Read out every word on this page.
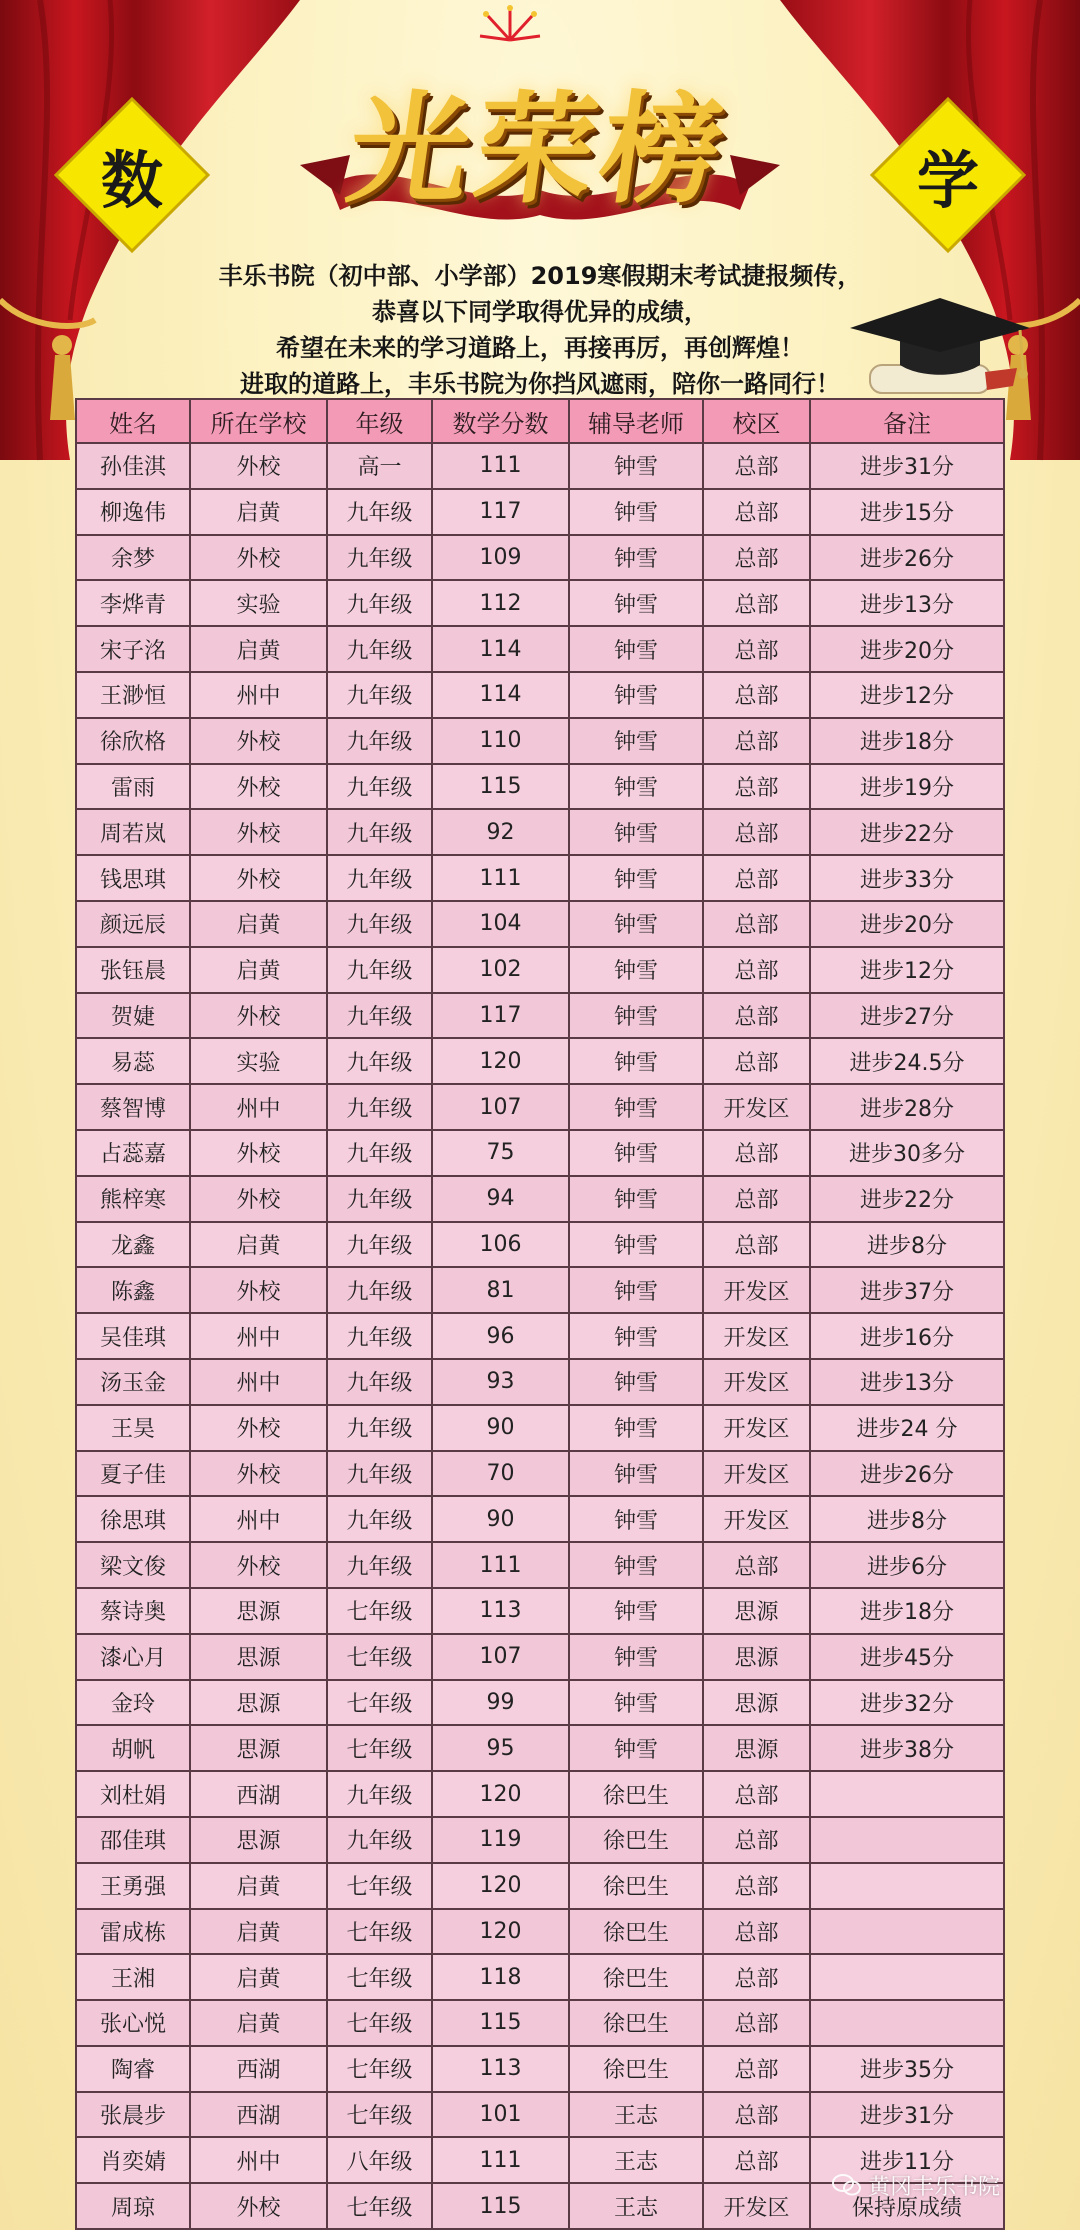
数	学
光荣榜
丰乐书院（初中部、小学部）2019寒假期末考试捷报频传，
恭喜以下同学取得优异的成绩，
希望在未来的学习道路上，再接再厉，再创辉煌！
进取的道路上，丰乐书院为你挡风遮雨，陪你一路同行！
姓名	所在学校	年级	数学分数	辅导老师	校区	备注
孙佳淇	外校	高一	111	钟雪	总部	进步31分
柳逸伟	启黄	九年级	117	钟雪	总部	进步15分
余梦	外校	九年级	109	钟雪	总部	进步26分
李烨青	实验	九年级	112	钟雪	总部	进步13分
宋子洺	启黄	九年级	114	钟雪	总部	进步20分
王渺恒	州中	九年级	114	钟雪	总部	进步12分
徐欣格	外校	九年级	110	钟雪	总部	进步18分
雷雨	外校	九年级	115	钟雪	总部	进步19分
周若岚	外校	九年级	92	钟雪	总部	进步22分
钱思琪	外校	九年级	111	钟雪	总部	进步33分
颜远辰	启黄	九年级	104	钟雪	总部	进步20分
张钰晨	启黄	九年级	102	钟雪	总部	进步12分
贺婕	外校	九年级	117	钟雪	总部	进步27分
易蕊	实验	九年级	120	钟雪	总部	进步24.5分
蔡智博	州中	九年级	107	钟雪	开发区	进步28分
占蕊嘉	外校	九年级	75	钟雪	总部	进步30多分
熊梓寒	外校	九年级	94	钟雪	总部	进步22分
龙鑫	启黄	九年级	106	钟雪	总部	进步8分
陈鑫	外校	九年级	81	钟雪	开发区	进步37分
吴佳琪	州中	九年级	96	钟雪	开发区	进步16分
汤玉金	州中	九年级	93	钟雪	开发区	进步13分
王昊	外校	九年级	90	钟雪	开发区	进步24 分
夏子佳	外校	九年级	70	钟雪	开发区	进步26分
徐思琪	州中	九年级	90	钟雪	开发区	进步8分
梁文俊	外校	九年级	111	钟雪	总部	进步6分
蔡诗奥	思源	七年级	113	钟雪	思源	进步18分
漆心月	思源	七年级	107	钟雪	思源	进步45分
金玲	思源	七年级	99	钟雪	思源	进步32分
胡帆	思源	七年级	95	钟雪	思源	进步38分
刘杜娟	西湖	九年级	120	徐巴生	总部	
邵佳琪	思源	九年级	119	徐巴生	总部	
王勇强	启黄	七年级	120	徐巴生	总部	
雷成栋	启黄	七年级	120	徐巴生	总部	
王湘	启黄	七年级	118	徐巴生	总部	
张心悦	启黄	七年级	115	徐巴生	总部	
陶睿	西湖	七年级	113	徐巴生	总部	进步35分
张晨步	西湖	七年级	101	王志	总部	进步31分
肖奕婧	州中	八年级	111	王志	总部	进步11分
周琼	外校	七年级	115	王志	开发区	保持原成绩
黄冈丰乐书院
